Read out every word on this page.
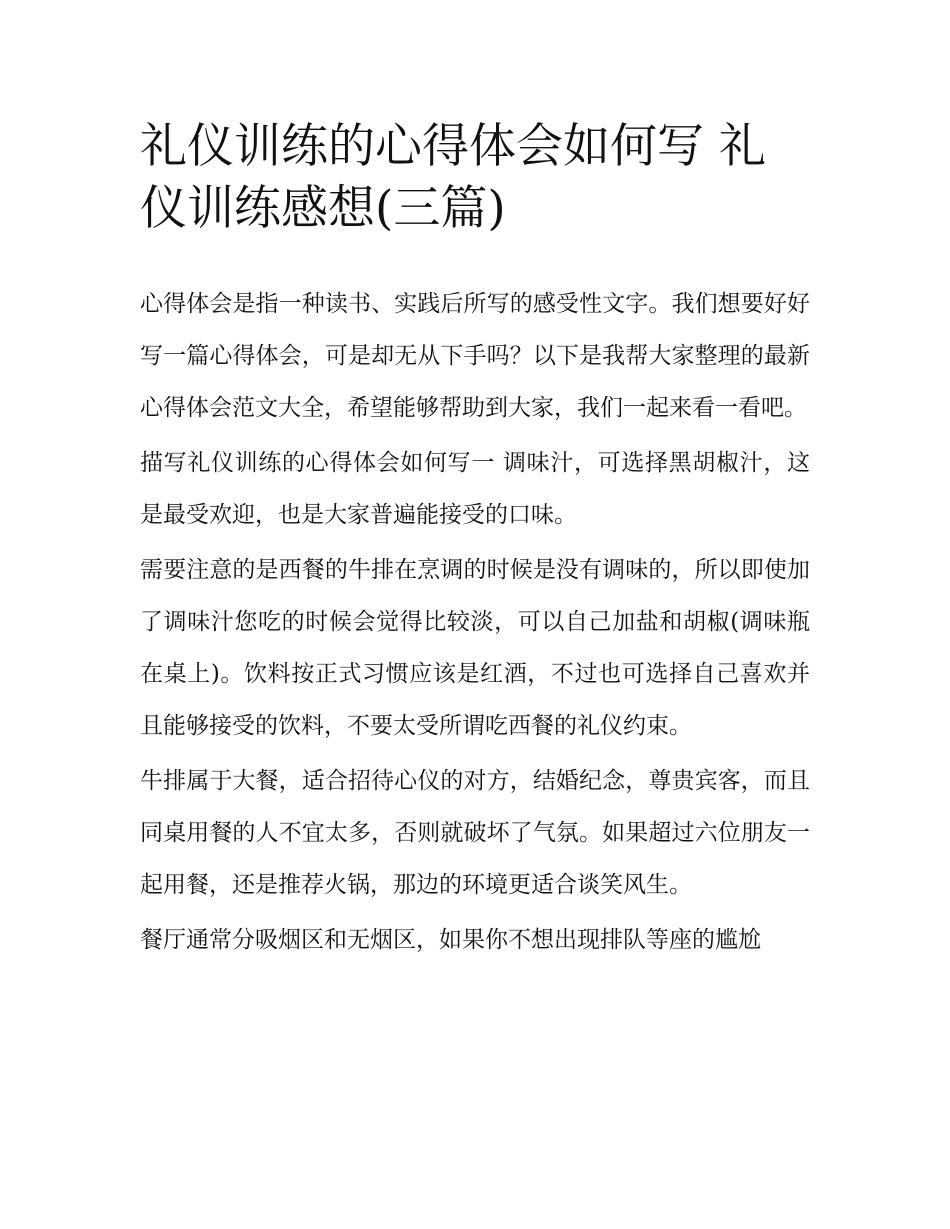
礼仪训练的心得体会如何写 礼仪训练感想(三篇)

心得体会是指一种读书、实践后所写的感受性文字。我们想要好好写一篇心得体会，可是却无从下手吗？以下是我帮大家整理的最新心得体会范文大全，希望能够帮助到大家，我们一起来看一看吧。

描写礼仪训练的心得体会如何写一 调味汁，可选择黑胡椒汁，这是最受欢迎，也是大家普遍能接受的口味。

需要注意的是西餐的牛排在烹调的时候是没有调味的，所以即使加了调味汁您吃的时候会觉得比较淡，可以自己加盐和胡椒(调味瓶在桌上)。饮料按正式习惯应该是红酒，不过也可选择自己喜欢并且能够接受的饮料，不要太受所谓吃西餐的礼仪约束。

牛排属于大餐，适合招待心仪的对方，结婚纪念，尊贵宾客，而且同桌用餐的人不宜太多，否则就破坏了气氛。如果超过六位朋友一起用餐，还是推荐火锅，那边的环境更适合谈笑风生。

餐厅通常分吸烟区和无烟区，如果你不想出现排队等座的尴尬
